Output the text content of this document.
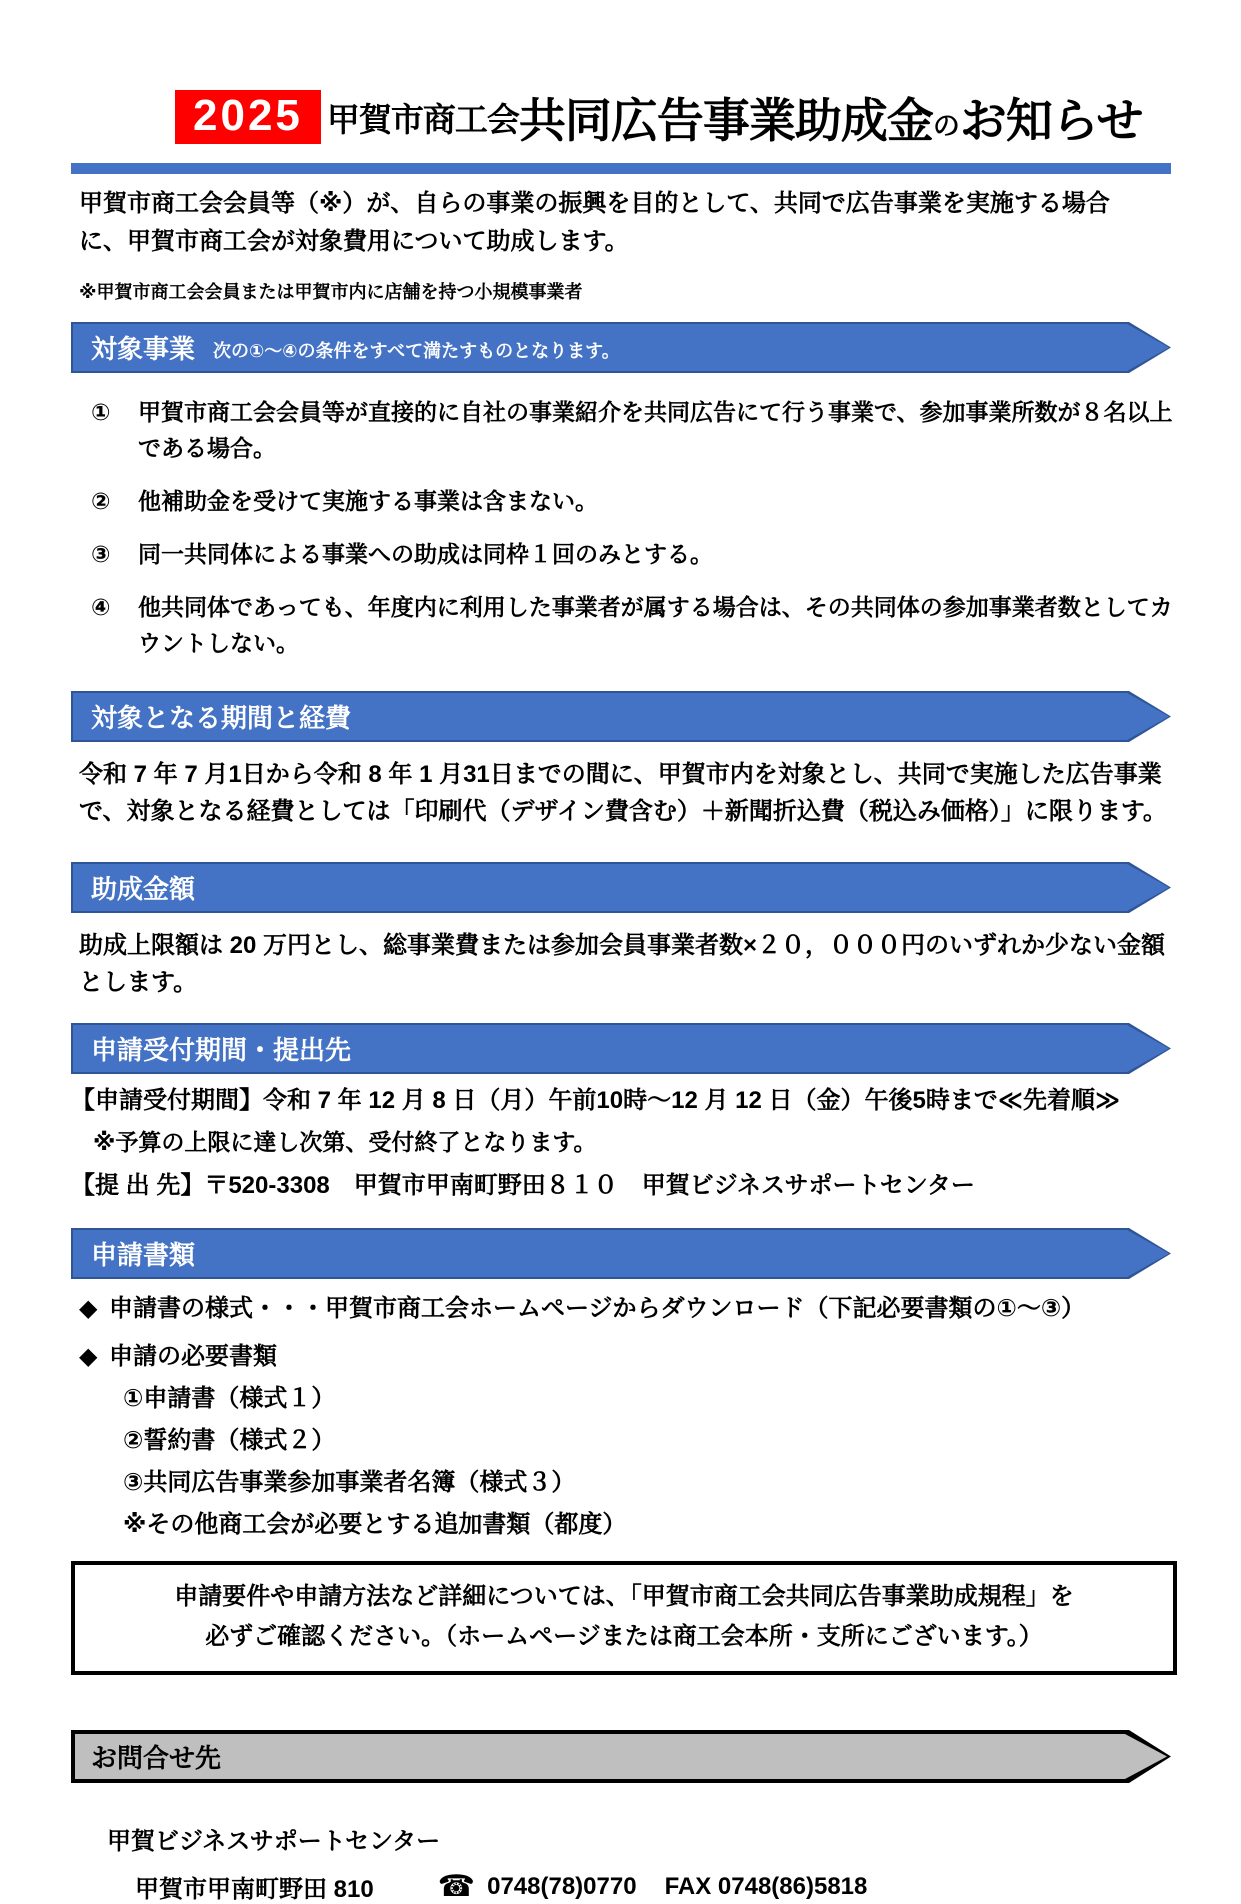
2025 甲賀市商工会 共同広告事業助成金 の お知らせ

甲賀市商工会会員等（※）が、自らの事業の振興を目的として、共同で広告事業を実施する場合に、甲賀市商工会が対象費用について助成します。

※甲賀市商工会会員または甲賀市内に店舗を持つ小規模事業者

対象事業 次の①～④の条件をすべて満たすものとなります。
①	甲賀市商工会会員等が直接的に自社の事業紹介を共同広告にて行う事業で、参加事業所数が８名以上である場合。
②	他補助金を受けて実施する事業は含まない。
③	同一共同体による事業への助成は同枠１回のみとする。
④	他共同体であっても、年度内に利用した事業者が属する場合は、その共同体の参加事業者数としてカウントしない。
対象となる期間と経費

令和 7 年 7 月1日から令和 8 年 1 月31日までの間に、甲賀市内を対象とし、共同で実施した広告事業で、対象となる経費としては「印刷代（デザイン費含む）＋新聞折込費（税込み価格）」に限ります。

助成金額

助成上限額は 20 万円とし、総事業費または参加会員事業者数×２０，０００円のいずれか少ない金額とします。

申請受付期間・提出先

【申請受付期間】令和 7 年 12 月 8 日（月）午前10時～12 月 12 日（金）午後5時まで≪先着順≫

※予算の上限に達し次第、受付終了となります。

【提 出 先】〒520-3308　甲賀市甲南町野田８１０　甲賀ビジネスサポートセンター

申請書類
◆ 申請書の様式・・・甲賀市商工会ホームページからダウンロード（下記必要書類の①～③）
◆ 申請の必要書類

①申請書（様式１）

②誓約書（様式２）

③共同広告事業参加事業者名簿（様式３）

※その他商工会が必要とする追加書類（都度）

申請要件や申請方法など詳細については、「甲賀市商工会共同広告事業助成規程」を
必ずご確認ください。（ホームページまたは商工会本所・支所にございます。）
お問合せ先

甲賀ビジネスサポートセンター

甲賀市甲南町野田 810 ☎ 0748(78)0770 FAX 0748(86)5818
